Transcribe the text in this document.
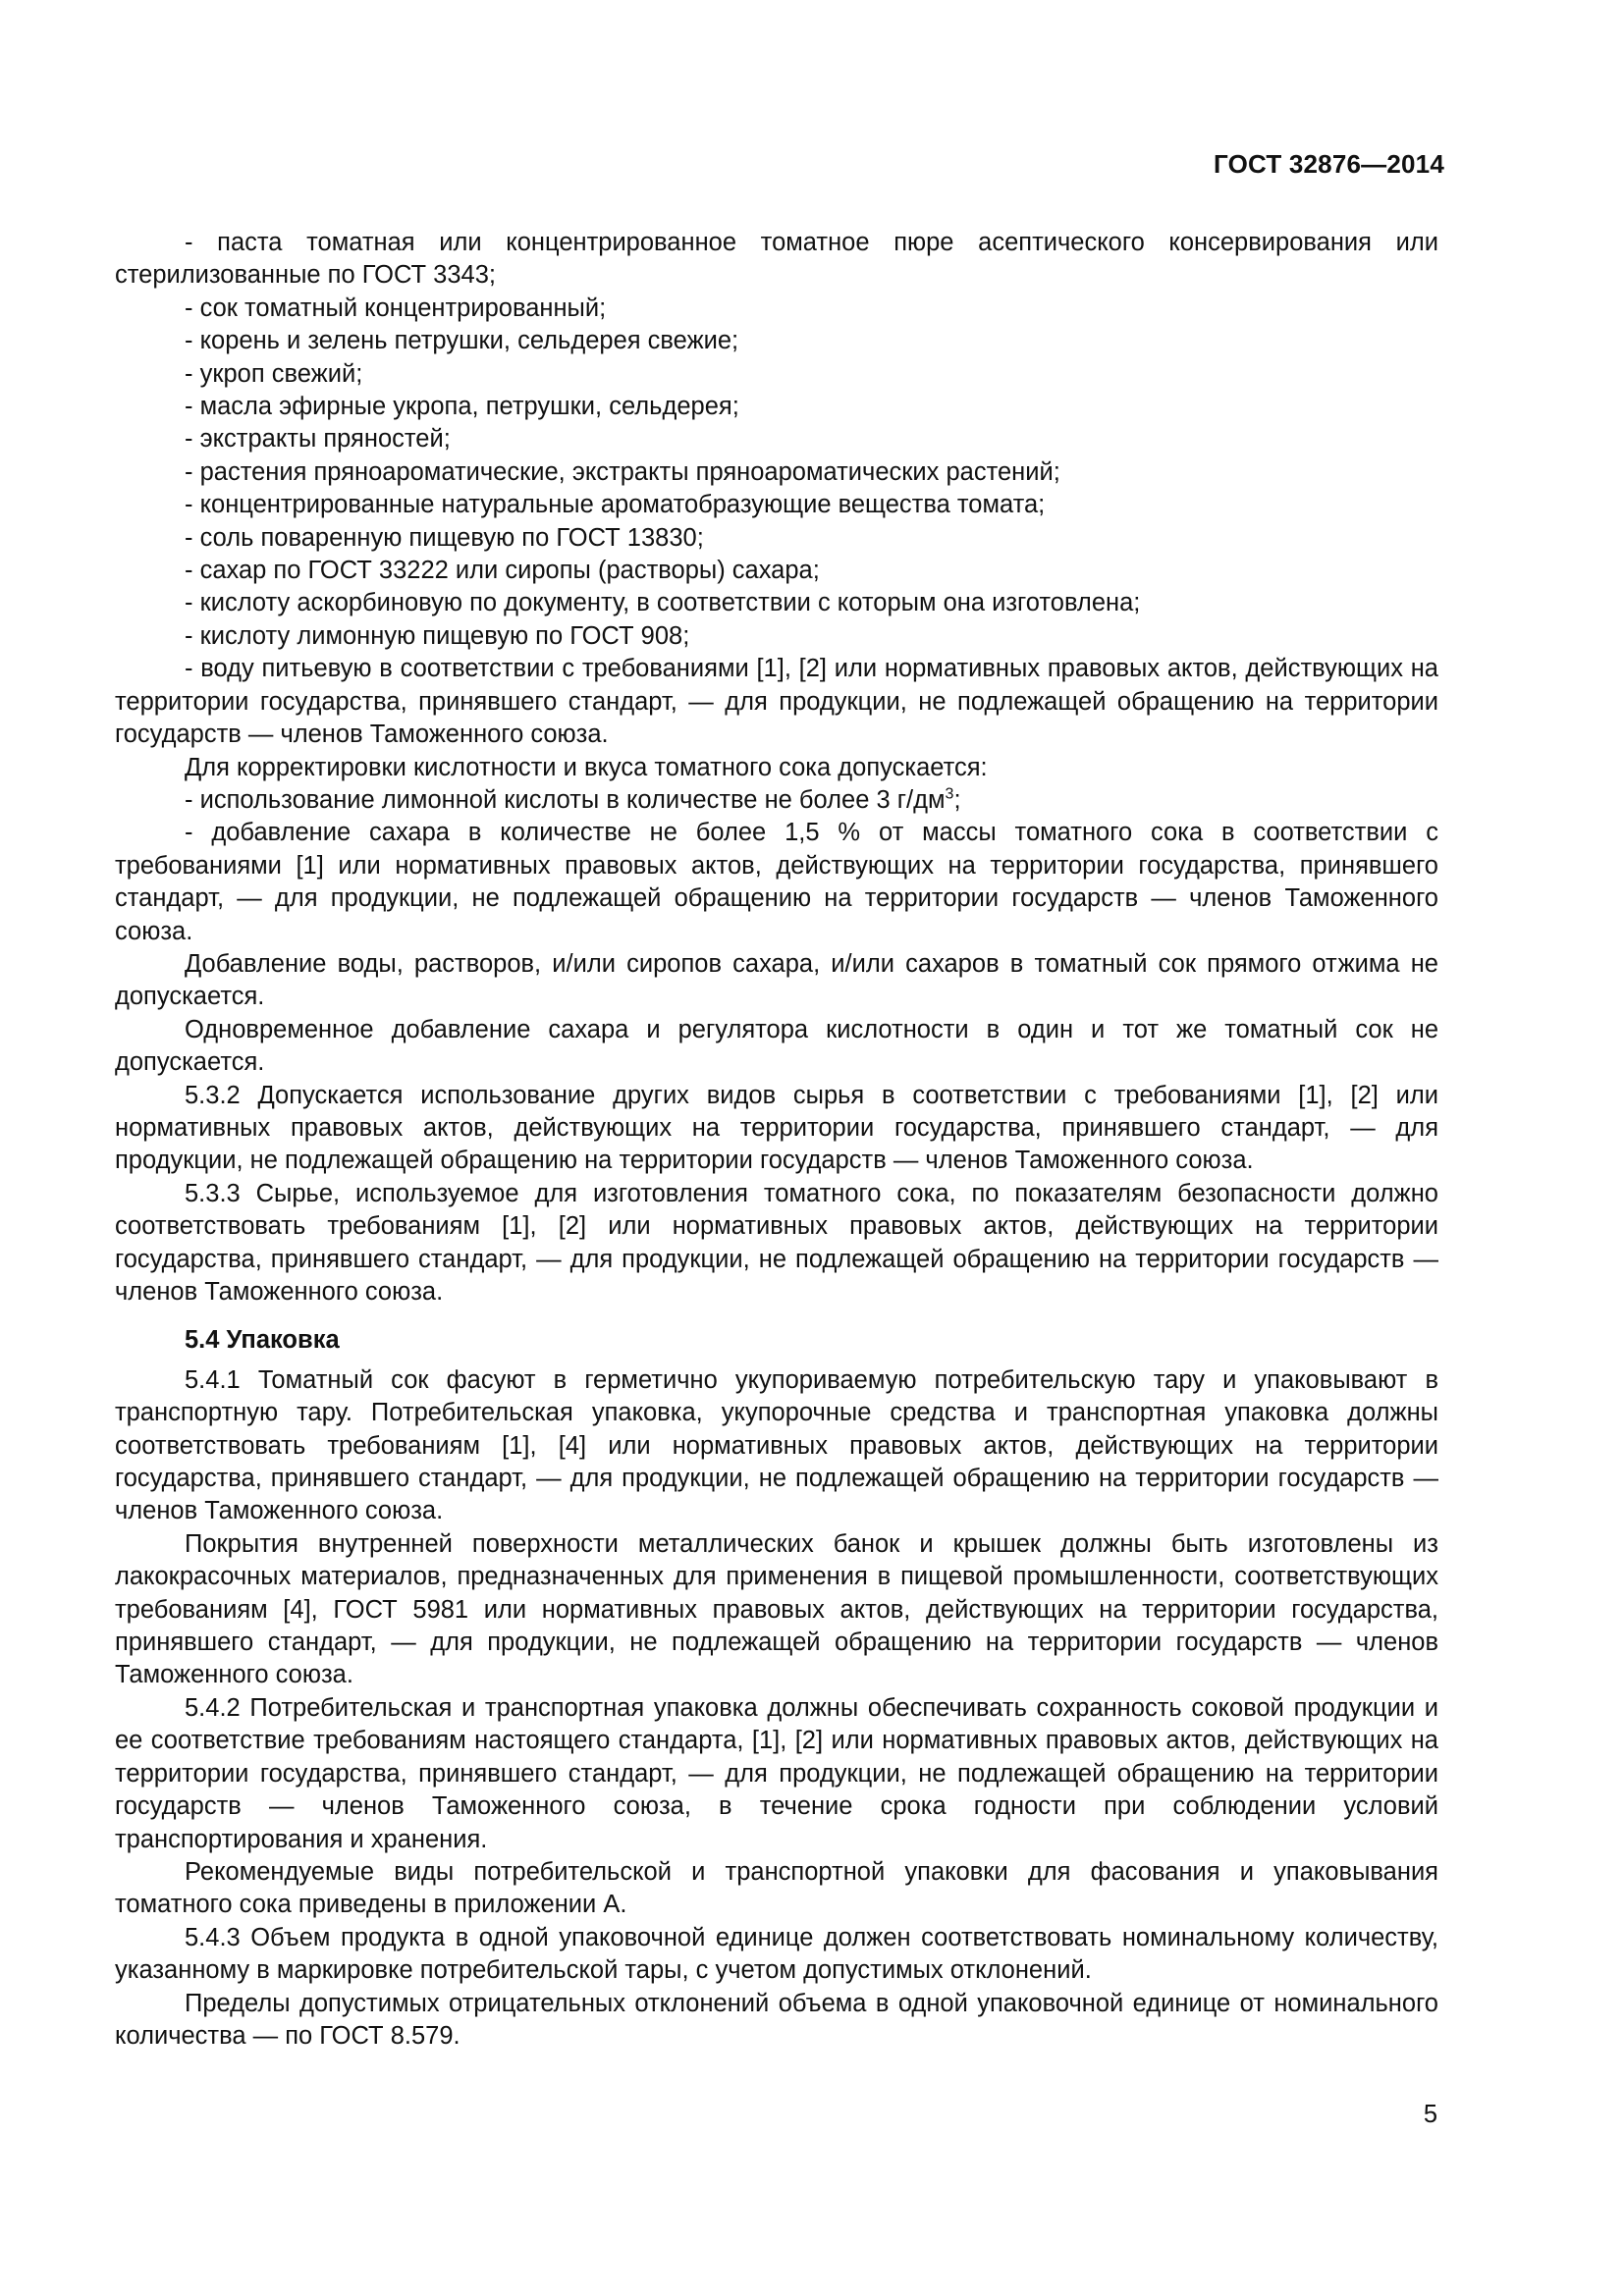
ГОСТ 32876—2014

- паста томатная или концентрированное томатное пюре асептического консервирования или стерилизованные по ГОСТ 3343;

- сок томатный концентрированный;

- корень и зелень петрушки, сельдерея свежие;

- укроп свежий;

- масла эфирные укропа, петрушки, сельдерея;

- экстракты пряностей;

- растения пряноароматические, экстракты пряноароматических растений;

- концентрированные натуральные ароматобразующие вещества томата;

- соль поваренную пищевую по ГОСТ 13830;

- сахар по ГОСТ 33222 или сиропы (растворы) сахара;

- кислоту аскорбиновую по документу, в соответствии с которым она изготовлена;

- кислоту лимонную пищевую по ГОСТ 908;

- воду питьевую в соответствии с требованиями [1], [2] или нормативных правовых актов, действующих на территории государства, принявшего стандарт, — для продукции, не подлежащей обращению на территории государств — членов Таможенного союза.

Для корректировки кислотности и вкуса томатного сока допускается:

- использование лимонной кислоты в количестве не более 3 $г/дм^3$;

- добавление сахара в количестве не более 1,5 % от массы томатного сока в соответствии с требованиями [1] или нормативных правовых актов, действующих на территории государства, принявшего стандарт, — для продукции, не подлежащей обращению на территории государств — членов Таможенного союза.

Добавление воды, растворов, и/или сиропов сахара, и/или сахаров в томатный сок прямого отжима не допускается.

Одновременное добавление сахара и регулятора кислотности в один и тот же томатный сок не допускается.

5.3.2 Допускается использование других видов сырья в соответствии с требованиями [1], [2] или нормативных правовых актов, действующих на территории государства, принявшего стандарт, — для продукции, не подлежащей обращению на территории государств — членов Таможенного союза.

5.3.3 Сырье, используемое для изготовления томатного сока, по показателям безопасности должно соответствовать требованиям [1], [2] или нормативных правовых актов, действующих на территории государства, принявшего стандарт, — для продукции, не подлежащей обращению на территории государств — членов Таможенного союза.

5.4 Упаковка

5.4.1 Томатный сок фасуют в герметично укупориваемую потребительскую тару и упаковывают в транспортную тару. Потребительская упаковка, укупорочные средства и транспортная упаковка должны соответствовать требованиям [1], [4] или нормативных правовых актов, действующих на территории государства, принявшего стандарт, — для продукции, не подлежащей обращению на территории государств — членов Таможенного союза.

Покрытия внутренней поверхности металлических банок и крышек должны быть изготовлены из лакокрасочных материалов, предназначенных для применения в пищевой промышленности, соответствующих требованиям [4], ГОСТ 5981 или нормативных правовых актов, действующих на территории государства, принявшего стандарт, — для продукции, не подлежащей обращению на территории государств — членов Таможенного союза.

5.4.2 Потребительская и транспортная упаковка должны обеспечивать сохранность соковой продукции и ее соответствие требованиям настоящего стандарта, [1], [2] или нормативных правовых актов, действующих на территории государства, принявшего стандарт, — для продукции, не подлежащей обращению на территории государств — членов Таможенного союза, в течение срока годности при соблюдении условий транспортирования и хранения.

Рекомендуемые виды потребительской и транспортной упаковки для фасования и упаковывания томатного сока приведены в приложении А.

5.4.3 Объем продукта в одной упаковочной единице должен соответствовать номинальному количеству, указанному в маркировке потребительской тары, с учетом допустимых отклонений.

Пределы допустимых отрицательных отклонений объема в одной упаковочной единице от номинального количества — по ГОСТ 8.579.

5
